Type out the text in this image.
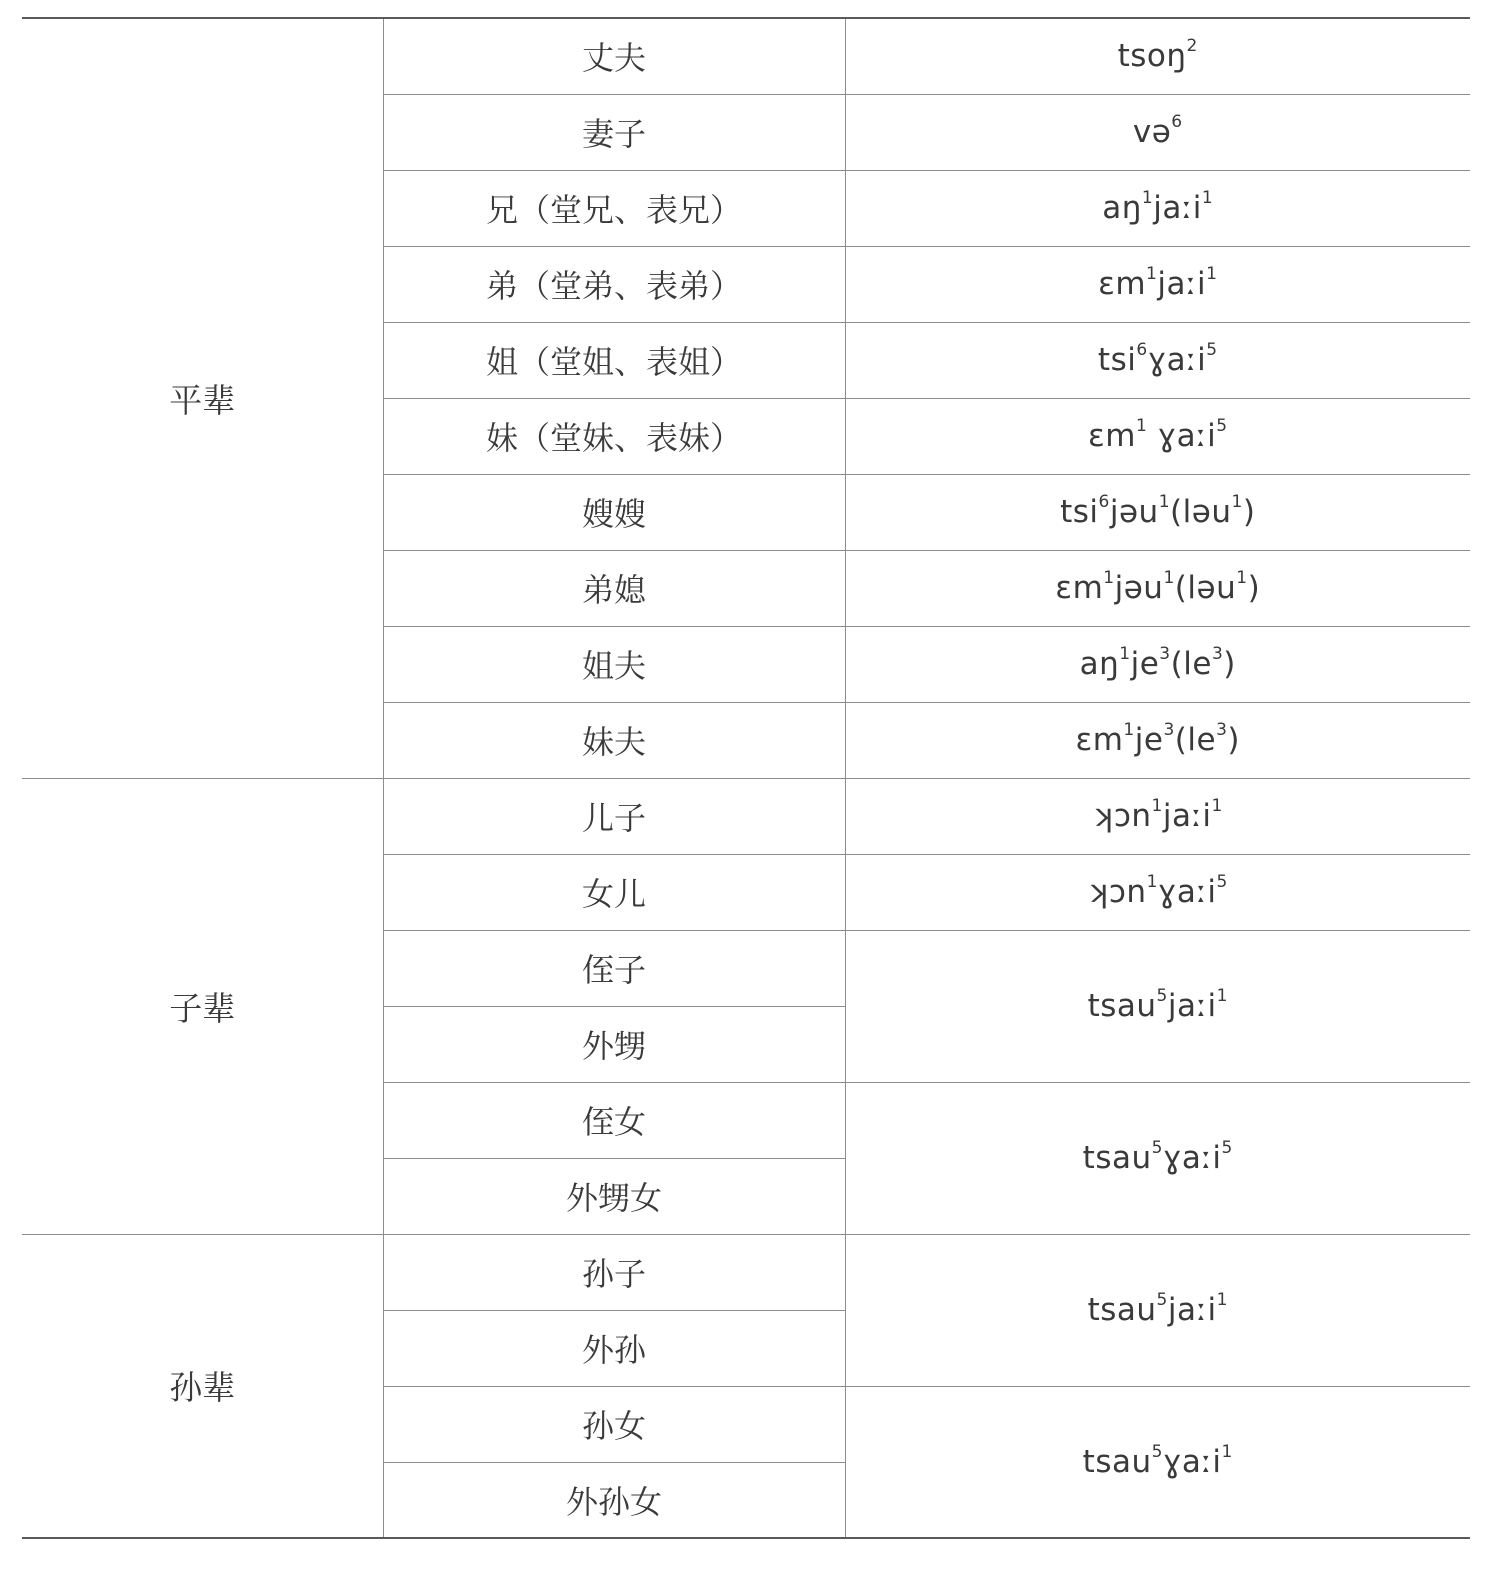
平辈	丈夫	tsoŋ$^2$
	妻子	və$^6$
	兄（堂兄、表兄）	$aŋ^1jaːi^1$
	弟（堂弟、表弟）	ɛm$^1$jaːi$^1$
	姐（堂姐、表姐）	tsi$^6$ɣaːi$^5$
	妹（堂妹、表妹）	ɛm$^1$ ɣaːi$^5$
	嫂嫂	tsi$^6$jəu$^1$(ləu$^1$)
	弟媳	ɛm$^1$jəu$^1$(ləu$^1$)
	姐夫	$aŋ^1je^3(le^3)$
	妹夫	$ɛm^1je^3(le^3)$
子辈	儿子	ʞɔn$^1$jaːi$^1$
	女儿	ʞɔn$^1$ɣaːi$^5$
	侄子	tsau$^5$jaːi$^1$
	外甥	
	侄女	tsau$^5$ɣaːi$^5$
	外甥女	
孙辈	孙子	tsau$^5$jaːi$^1$
	外孙	
	孙女	tsau$^5$ɣaːi$^1$
	外孙女	
